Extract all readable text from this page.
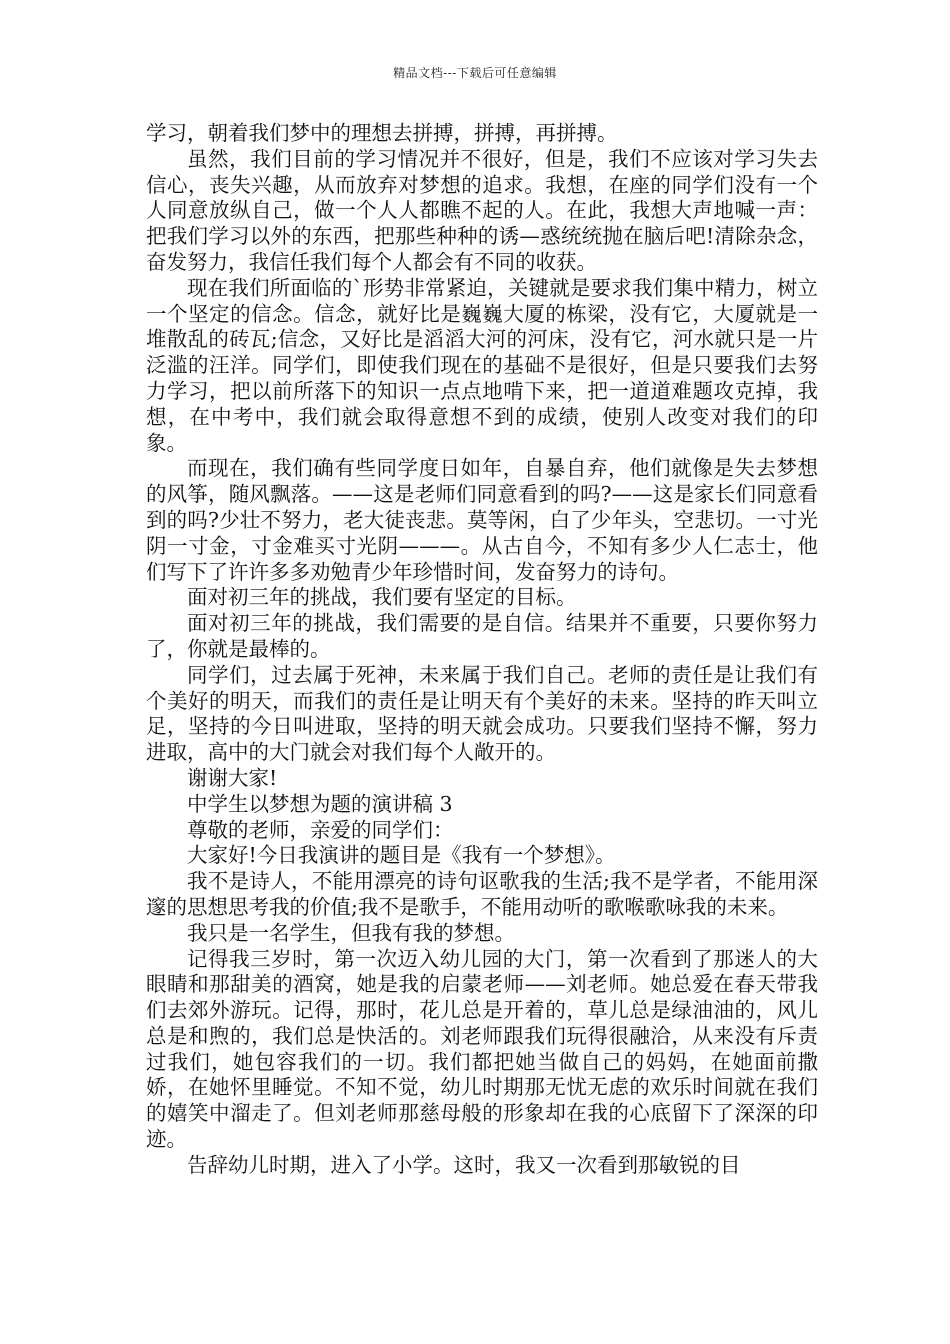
精品文档---下载后可任意编辑

学习，朝着我们梦中的理想去拼搏，拼搏，再拼搏。

虽然，我们目前的学习情况并不很好，但是，我们不应该对学习失去信心，丧失兴趣，从而放弃对梦想的追求。我想，在座的同学们没有一个人同意放纵自己，做一个人人都瞧不起的人。在此，我想大声地喊一声：把我们学习以外的东西，把那些种种的诱—惑统统抛在脑后吧!清除杂念，奋发努力，我信任我们每个人都会有不同的收获。

现在我们所面临的`形势非常紧迫，关键就是要求我们集中精力，树立一个坚定的信念。信念，就好比是巍巍大厦的栋梁，没有它，大厦就是一堆散乱的砖瓦;信念，又好比是滔滔大河的河床，没有它，河水就只是一片泛滥的汪洋。同学们，即使我们现在的基础不是很好，但是只要我们去努力学习，把以前所落下的知识一点点地啃下来，把一道道难题攻克掉，我想，在中考中，我们就会取得意想不到的成绩，使别人改变对我们的印象。

而现在，我们确有些同学度日如年，自暴自弃，他们就像是失去梦想的风筝，随风飘落。——这是老师们同意看到的吗?——这是家长们同意看到的吗?少壮不努力，老大徒丧悲。莫等闲，白了少年头，空悲切。一寸光阴一寸金，寸金难买寸光阴———。从古自今，不知有多少人仁志士，他们写下了许许多多劝勉青少年珍惜时间，发奋努力的诗句。

面对初三年的挑战，我们要有坚定的目标。

面对初三年的挑战，我们需要的是自信。结果并不重要，只要你努力了，你就是最棒的。

同学们，过去属于死神，未来属于我们自己。老师的责任是让我们有个美好的明天，而我们的责任是让明天有个美好的未来。坚持的昨天叫立足，坚持的今日叫进取，坚持的明天就会成功。只要我们坚持不懈，努力进取，高中的大门就会对我们每个人敞开的。

谢谢大家!

中学生以梦想为题的演讲稿 3

尊敬的老师，亲爱的同学们：

大家好!今日我演讲的题目是《我有一个梦想》。

我不是诗人，不能用漂亮的诗句讴歌我的生活;我不是学者，不能用深邃的思想思考我的价值;我不是歌手，不能用动听的歌喉歌咏我的未来。

我只是一名学生，但我有我的梦想。

记得我三岁时，第一次迈入幼儿园的大门，第一次看到了那迷人的大眼睛和那甜美的酒窝，她是我的启蒙老师——刘老师。她总爱在春天带我们去郊外游玩。记得，那时，花儿总是开着的，草儿总是绿油油的，风儿总是和煦的，我们总是快活的。刘老师跟我们玩得很融洽，从来没有斥责过我们，她包容我们的一切。我们都把她当做自己的妈妈，在她面前撒娇，在她怀里睡觉。不知不觉，幼儿时期那无忧无虑的欢乐时间就在我们的嬉笑中溜走了。但刘老师那慈母般的形象却在我的心底留下了深深的印迹。

告辞幼儿时期，进入了小学。这时，我又一次看到那敏锐的目
